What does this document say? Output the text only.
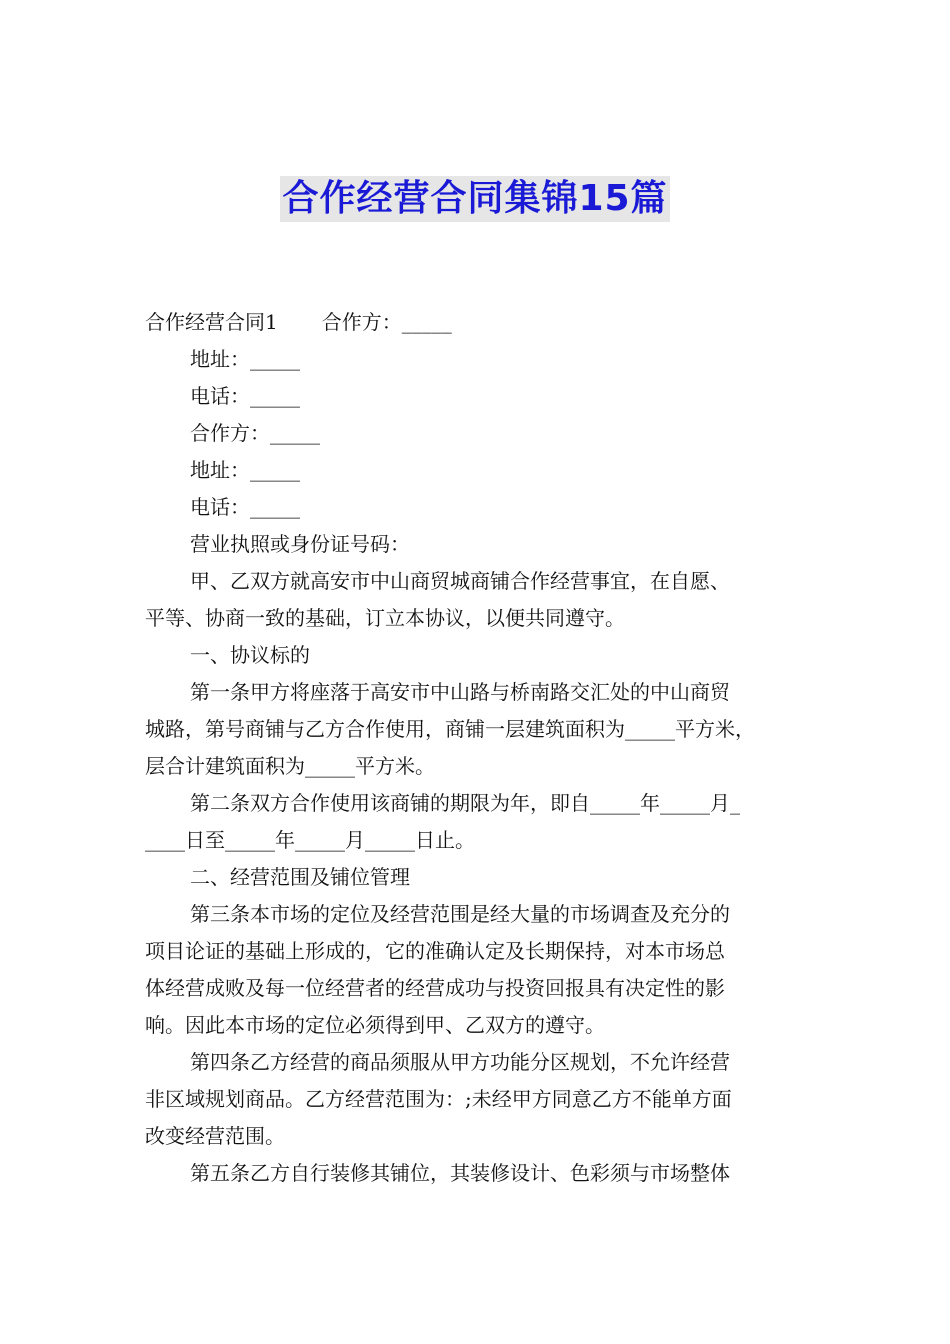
合作经营合同集锦15篇
合作经营合同1 合作方：_____
地址：_____
电话：_____
合作方：_____
地址：_____
电话：_____
营业执照或身份证号码：
甲、乙双方就高安市中山商贸城商铺合作经营事宜，在自愿、
平等、协商一致的基础，订立本协议，以便共同遵守。
一、协议标的
第一条甲方将座落于高安市中山路与桥南路交汇处的中山商贸
城路，第号商铺与乙方合作使用，商铺一层建筑面积为_____平方米，
层合计建筑面积为_____平方米。
第二条双方合作使用该商铺的期限为年，即自_____年_____月_
____日至_____年_____月_____日止。
二、经营范围及铺位管理
第三条本市场的定位及经营范围是经大量的市场调查及充分的
项目论证的基础上形成的，它的准确认定及长期保持，对本市场总
体经营成败及每一位经营者的经营成功与投资回报具有决定性的影
响。因此本市场的定位必须得到甲、乙双方的遵守。
第四条乙方经营的商品须服从甲方功能分区规划，不允许经营
非区域规划商品。乙方经营范围为：;未经甲方同意乙方不能单方面
改变经营范围。
第五条乙方自行装修其铺位，其装修设计、色彩须与市场整体
